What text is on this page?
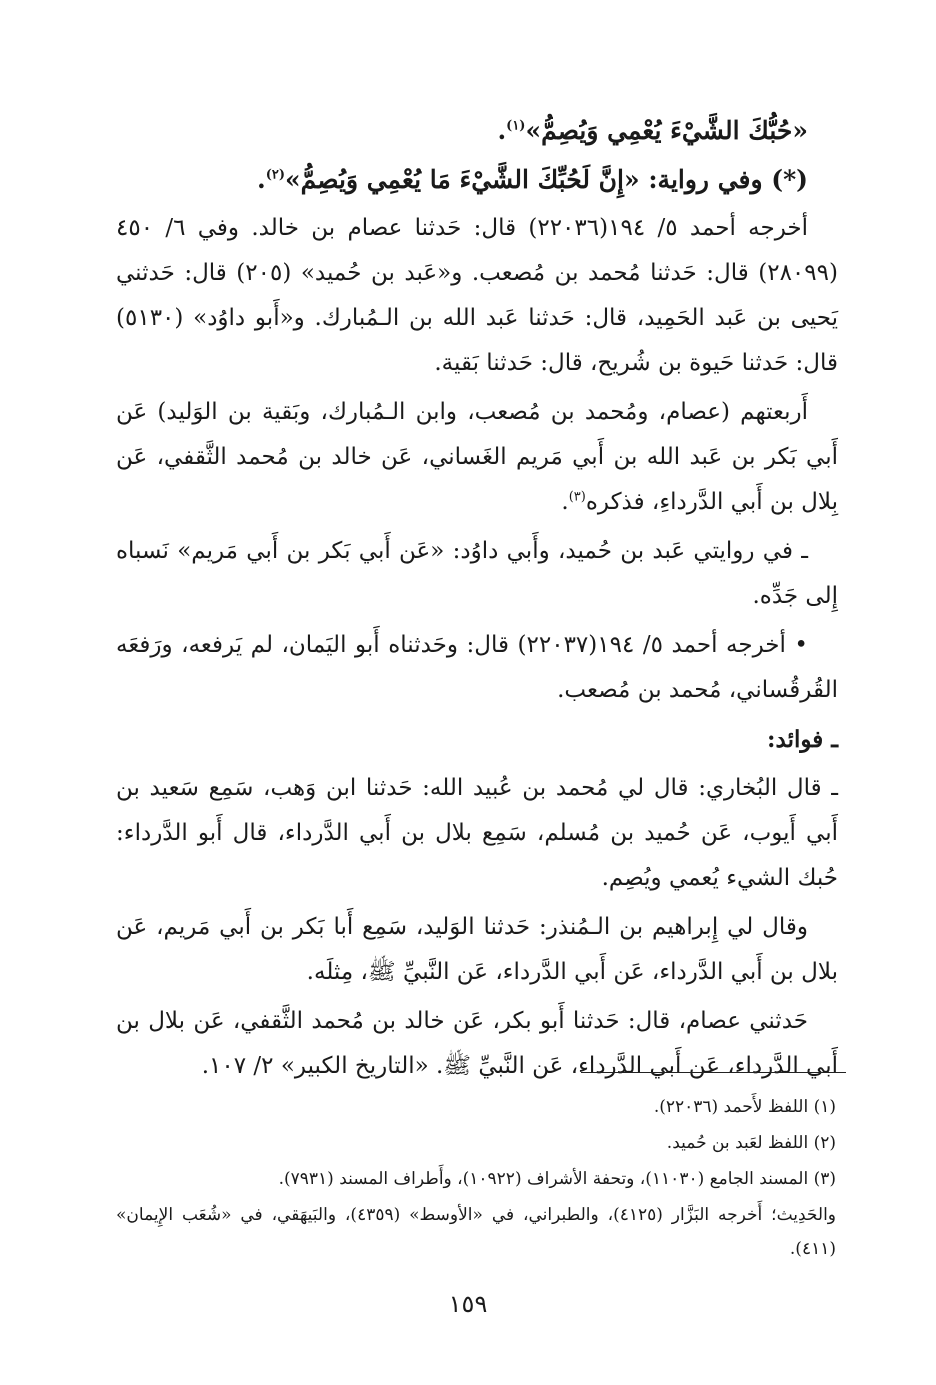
«حُبُّكَ الشَّيْءَ يُعْمِي وَيُصِمُّ»$^{(١)}$.

(*) وفي رواية: «إِنَّ لَحُبِّكَ الشَّيْءَ مَا يُعْمِي وَيُصِمُّ»$^{(٢)}$.

أخرجه أحمد ٥/ ١٩٤(٢٢٠٣٦) قال: حَدثنا عصام بن خالد. وفي ٦/ ٤٥٠ (٢٨٠٩٩) قال: حَدثنا مُحمد بن مُصعب. و«عَبد بن حُميد» (٢٠٥) قال: حَدثني يَحيى بن عَبد الحَمِيد، قال: حَدثنا عَبد الله بن الـمُبارك. و«أَبو داوُد» (٥١٣٠) قال: حَدثنا حَيوة بن شُريح، قال: حَدثنا بَقية.

أَربعتهم (عصام، ومُحمد بن مُصعب، وابن الـمُبارك، وبَقية بن الوَليد) عَن أَبي بَكر بن عَبد الله بن أَبي مَريم الغَساني، عَن خالد بن مُحمد الثَّقفي، عَن بِلال بن أَبي الدَّرداءِ، فذكره$^{(٣)}$.

ـ في روايتي عَبد بن حُميد، وأَبي داوُد: «عَن أَبي بَكر بن أَبي مَريم» نَسباه إِلى جَدِّه.

• أخرجه أحمد ٥/ ١٩٤(٢٢٠٣٧) قال: وحَدثناه أَبو اليَمان، لم يَرفعه، ورَفعَه القُرقُساني، مُحمد بن مُصعب.

ـ فوائد:

ـ قال البُخاري: قال لي مُحمد بن عُبيد الله: حَدثنا ابن وَهب، سَمِع سَعيد بن أَبي أَيوب، عَن حُميد بن مُسلم، سَمِع بلال بن أَبي الدَّرداء، قال أَبو الدَّرداء: حُبك الشيء يُعمي ويُصِم.

وقال لي إِبراهيم بن الـمُنذر: حَدثنا الوَليد، سَمِع أَبا بَكر بن أَبي مَريم، عَن بلال بن أَبي الدَّرداء، عَن أَبي الدَّرداء، عَن النَّبيِّ ﷺ، مِثلَه.

حَدثني عصام، قال: حَدثنا أَبو بكر، عَن خالد بن مُحمد الثَّقفي، عَن بلال بن أَبي الدَّرداء، عَن أَبي الدَّرداء، عَن النَّبيِّ ﷺ. «التاريخ الكبير» ٢/ ١٠٧.

(١) اللفظ لأَحمد (٢٢٠٣٦).

(٢) اللفظ لعَبد بن حُميد.

(٣) المسند الجامع (١١٠٣٠)، وتحفة الأشراف (١٠٩٢٢)، وأَطراف المسند (٧٩٣١).

والحَدِيث؛ أَخرجه البَزَّار (٤١٢٥)، والطبراني، في «الأوسط» (٤٣٥٩)، والبَيهَقي، في «شُعَب الإِيمان» (٤١١).

١٥٩
